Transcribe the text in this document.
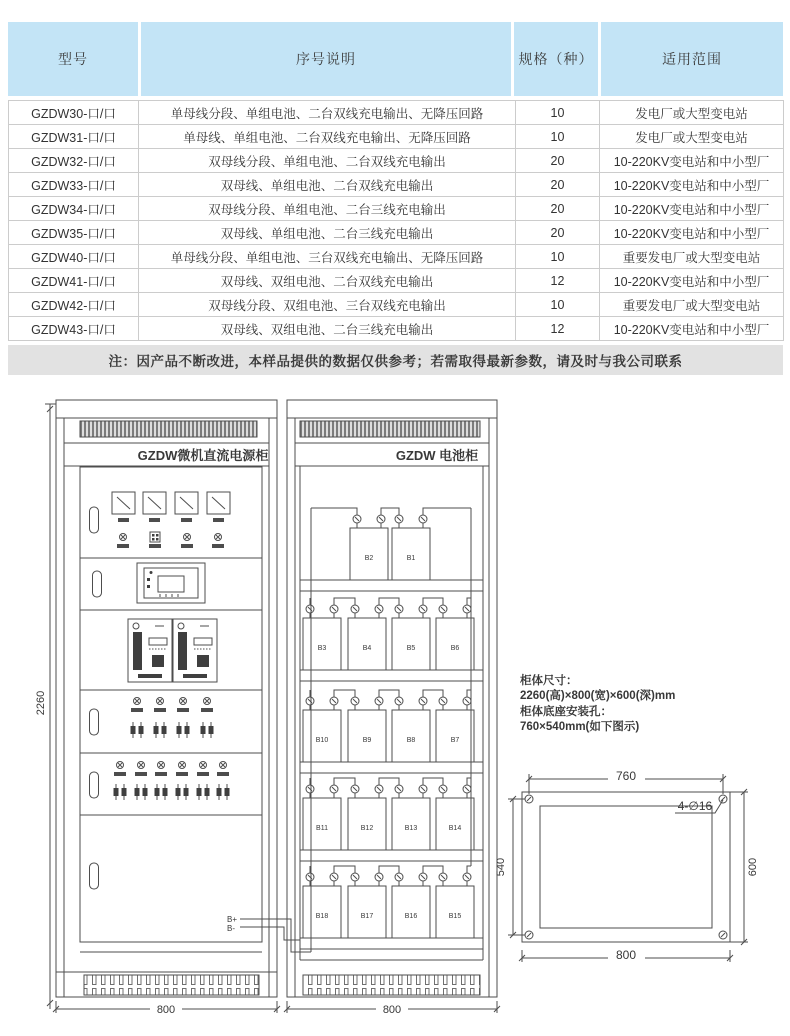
型号	序号说明	规格（种）	适用范围
GZDW30-口/口	单母线分段、单组电池、二台双线充电输出、无降压回路	10	发电厂或大型变电站
GZDW31-口/口	单母线、单组电池、二台双线充电输出、无降压回路	10	发电厂或大型变电站
GZDW32-口/口	双母线分段、单组电池、二台双线充电输出	20	10-220KV变电站和中小型厂
GZDW33-口/口	双母线、单组电池、二台双线充电输出	20	10-220KV变电站和中小型厂
GZDW34-口/口	双母线分段、单组电池、二台三线充电输出	20	10-220KV变电站和中小型厂
GZDW35-口/口	双母线、单组电池、二台三线充电输出	20	10-220KV变电站和中小型厂
GZDW40-口/口	单母线分段、单组电池、三台双线充电输出、无降压回路	10	重要发电厂或大型变电站
GZDW41-口/口	双母线、双组电池、二台双线充电输出	12	10-220KV变电站和中小型厂
GZDW42-口/口	双母线分段、双组电池、三台双线充电输出	10	重要发电厂或大型变电站
GZDW43-口/口	双母线、双组电池、二台三线充电输出	12	10-220KV变电站和中小型厂
注：因产品不断改进，本样品提供的数据仅供参考；若需取得最新参数，请及时与我公司联系
GZDW微机直流电源柜	GZDW 电池柜
B2	B1
B3	B4	B5	B6
B10	B9	B8	B7
B11	B12	B13	B14
B18	B17	B16	B15
B+
B-
2260
800	800
柜体尺寸：
2260(高)×800(宽)×600(深)mm
柜体底座安装孔：
760×540mm(如下图示)
760
4-∅16
540	600
800
